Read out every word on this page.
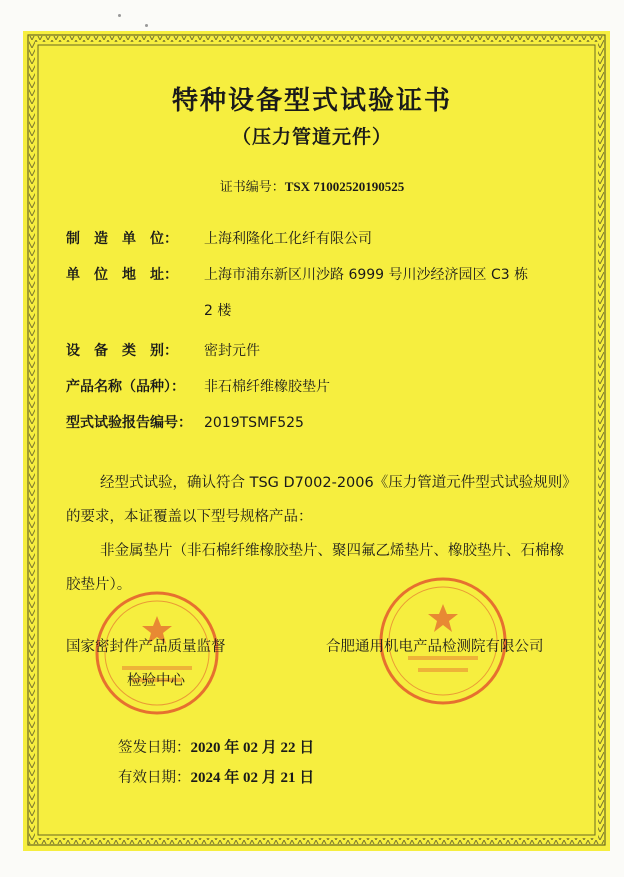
特种设备型式试验证书
（压力管道元件）
证书编号：TSX 71002520190525
制　造　单　位： 上海利隆化工化纤有限公司
单　位　地　址： 上海市浦东新区川沙路 6999 号川沙经济园区 C3 栋
2 楼
设　备　类　别： 密封元件
产品名称（品种）： 非石棉纤维橡胶垫片
型式试验报告编号： 2019TSMF525
经型式试验，确认符合 TSG D7002-2006《压力管道元件型式试验规则》的要求，本证覆盖以下型号规格产品：
非金属垫片（非石棉纤维橡胶垫片、聚四氟乙烯垫片、橡胶垫片、石棉橡胶垫片）。
国家密封件产品质量监督
检验中心
合肥通用机电产品检测院有限公司
签发日期：2020 年 02 月 22 日
有效日期：2024 年 02 月 21 日
